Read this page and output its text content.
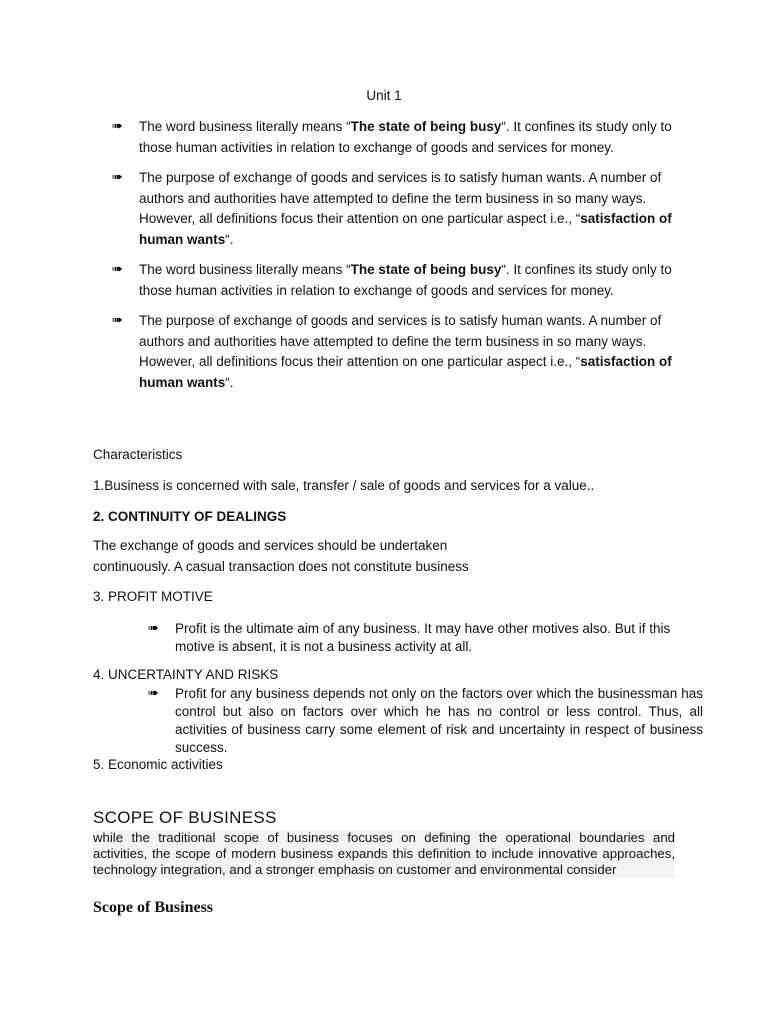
Unit 1
➠ The word business literally means “The state of being busy“. It confines its study only to those human activities in relation to exchange of goods and services for money.
➠ The purpose of exchange of goods and services is to satisfy human wants. A number of authors and authorities have attempted to define the term business in so many ways. However, all definitions focus their attention on one particular aspect i.e., “satisfaction of human wants“.
➠ The word business literally means “The state of being busy“. It confines its study only to those human activities in relation to exchange of goods and services for money.
➠ The purpose of exchange of goods and services is to satisfy human wants. A number of authors and authorities have attempted to define the term business in so many ways. However, all definitions focus their attention on one particular aspect i.e., “satisfaction of human wants“.

Characteristics

1.Business is concerned with sale, transfer / sale of goods and services for a value..

2. CONTINUITY OF DEALINGS

The exchange of goods and services should be undertaken continuously. A casual transaction does not constitute business

3. PROFIT MOTIVE

➠ Profit is the ultimate aim of any business. It may have other motives also. But if this motive is absent, it is not a business activity at all.

4. UNCERTAINTY AND RISKS

➠ Profit for any business depends not only on the factors over which the businessman has control but also on factors over which he has no control or less control. Thus, all activities of business carry some element of risk and uncertainty in respect of business success.

5. Economic activities

SCOPE OF BUSINESS

while the traditional scope of business focuses on defining the operational boundaries and activities, the scope of modern business expands this definition to include innovative approaches, technology integration, and a stronger emphasis on customer and environmental consider

Scope of Business
